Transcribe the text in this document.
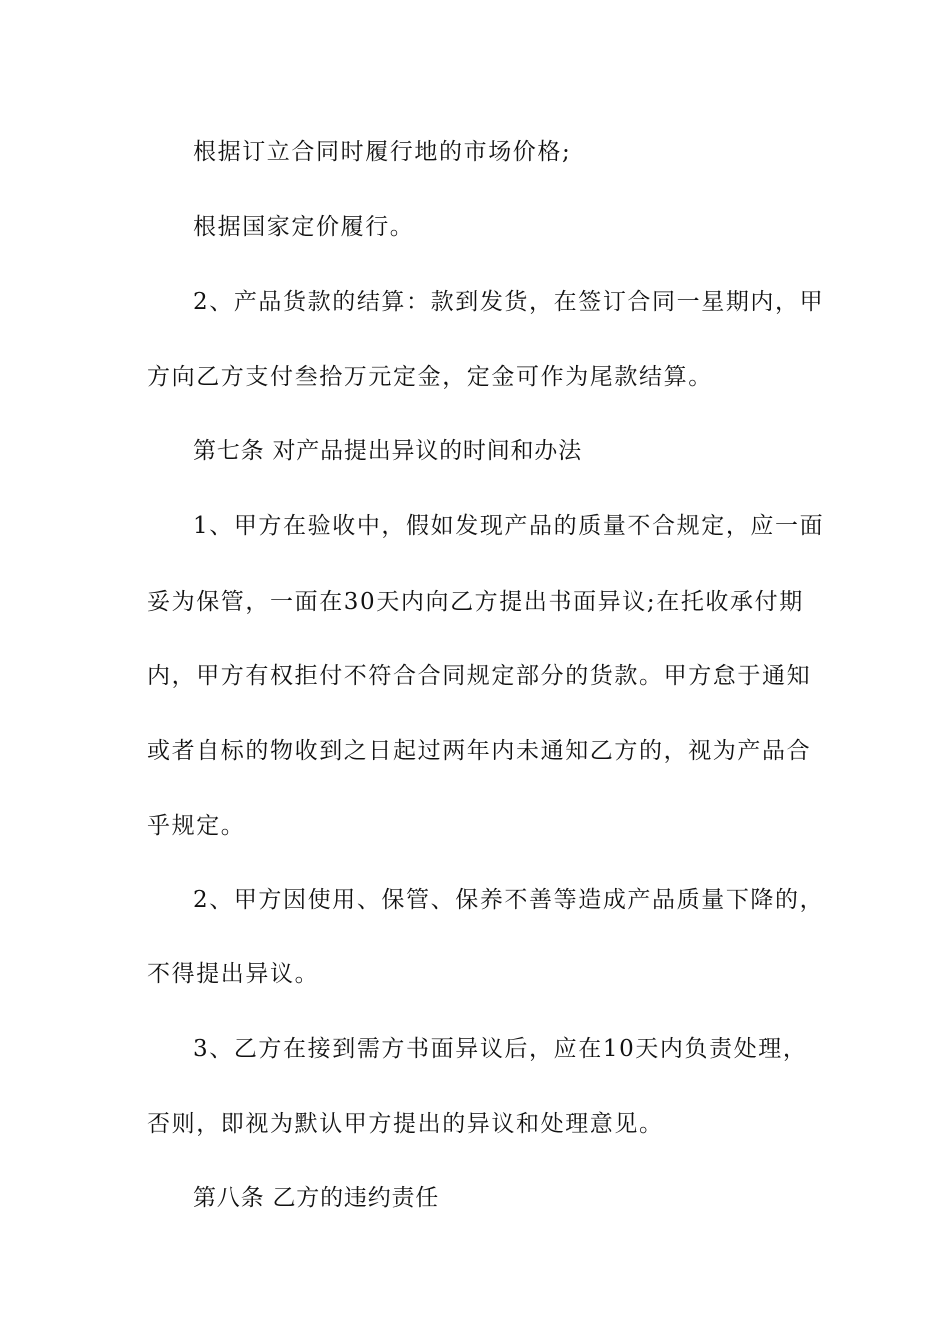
根据订立合同时履行地的市场价格;
根据国家定价履行。
2、产品货款的结算：款到发货，在签订合同一星期内，甲
方向乙方支付叁拾万元定金，定金可作为尾款结算。
第七条 对产品提出异议的时间和办法
1、甲方在验收中，假如发现产品的质量不合规定，应一面
妥为保管，一面在30天内向乙方提出书面异议;在托收承付期
内，甲方有权拒付不符合合同规定部分的货款。甲方怠于通知
或者自标的物收到之日起过两年内未通知乙方的，视为产品合
乎规定。
2、甲方因使用、保管、保养不善等造成产品质量下降的，
不得提出异议。
3、乙方在接到需方书面异议后，应在10天内负责处理，
否则，即视为默认甲方提出的异议和处理意见。
第八条 乙方的违约责任
